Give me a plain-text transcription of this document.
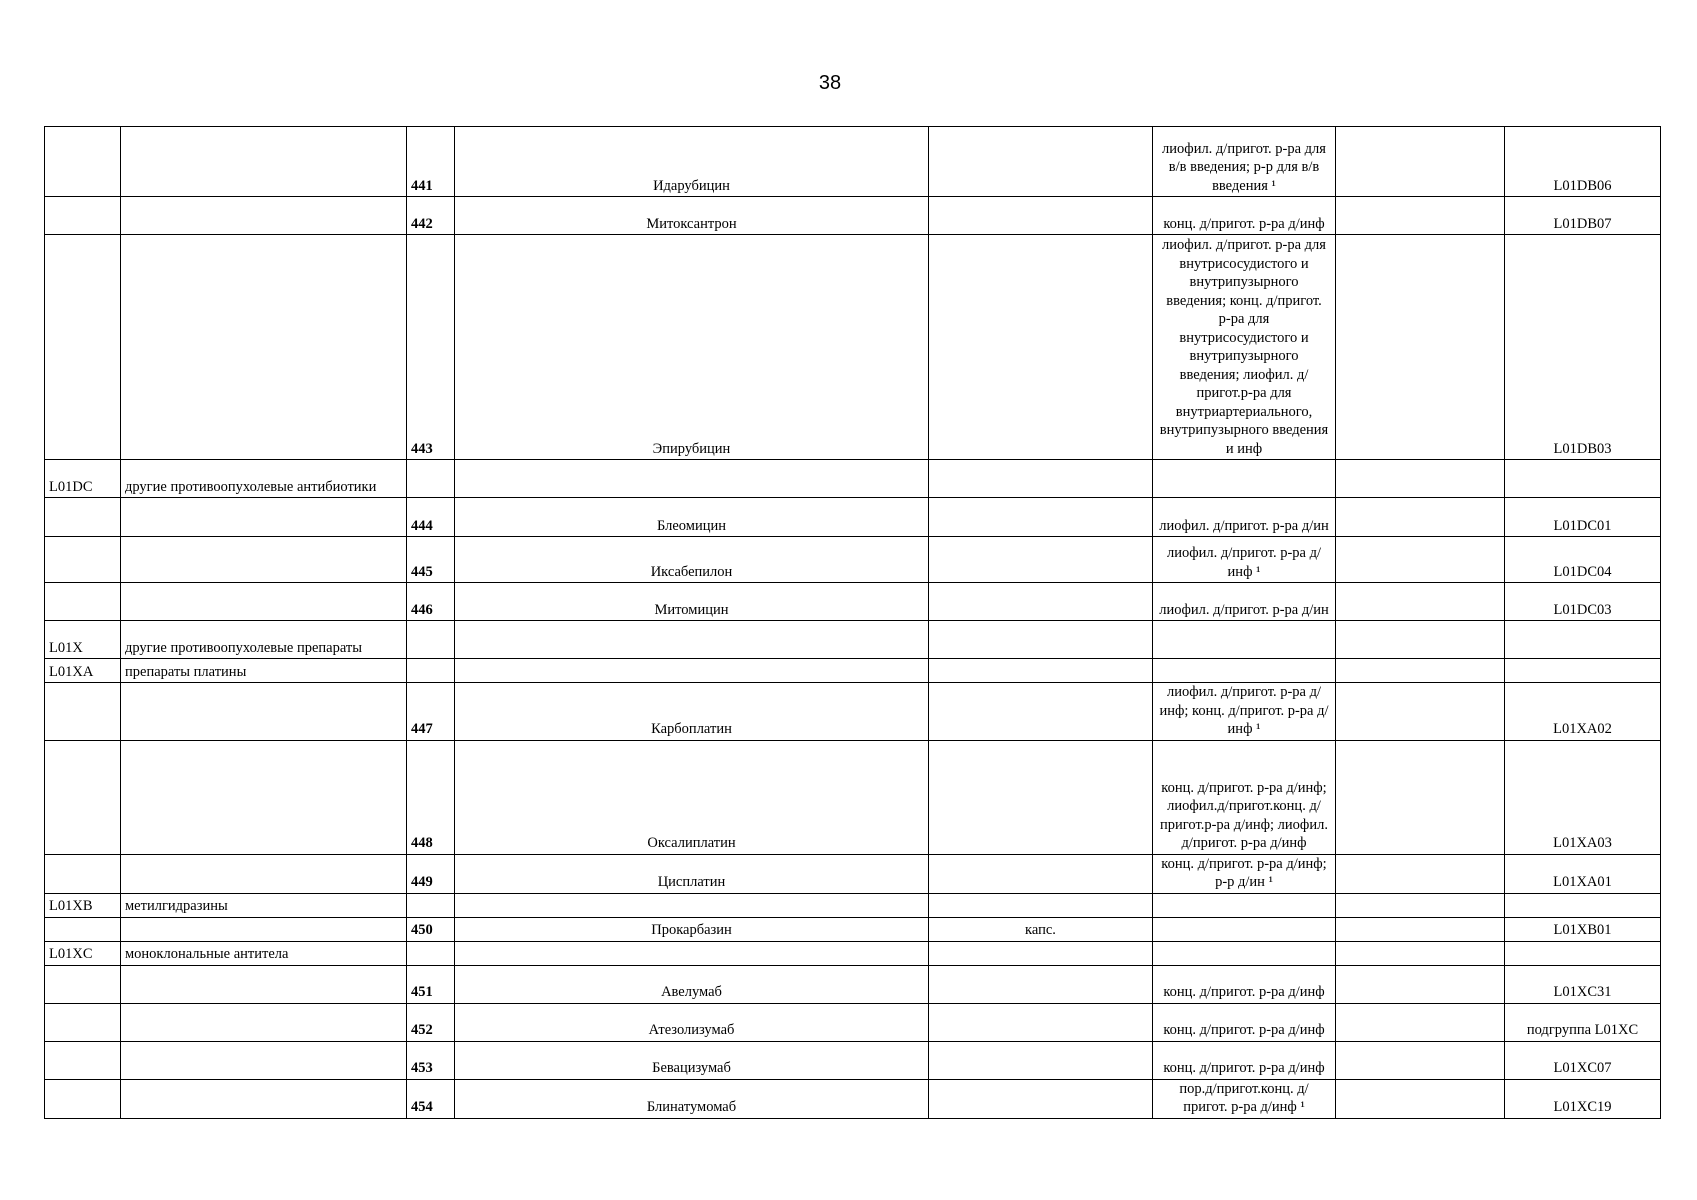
38
		441	Идарубицин		лиофил. д/пригот. р-ра для в/в введения; р-р для в/в введения ¹		L01DB06
		442	Митоксантрон		конц. д/пригот. р-ра д/инф		L01DB07
		443	Эпирубицин		лиофил. д/пригот. р-ра для внутрисосудистого и внутрипузырного введения; конц. д/пригот. р-ра для внутрисосудистого и внутрипузырного введения; лиофил. д/пригот.р-ра для внутриартериального, внутрипузырного введения и инф		L01DB03
L01DC	другие противоопухолевые антибиотики						
		444	Блеомицин		лиофил. д/пригот. р-ра д/ин		L01DC01
		445	Иксабепилон		лиофил. д/пригот. р-ра д/инф ¹		L01DC04
		446	Митомицин		лиофил. д/пригот. р-ра д/ин		L01DC03
L01X	другие противоопухолевые препараты						
L01XA	препараты платины						
		447	Карбоплатин		лиофил. д/пригот. р-ра д/инф; конц. д/пригот. р-ра д/инф ¹		L01XA02
		448	Оксалиплатин		конц. д/пригот. р-ра д/инф; лиофил.д/пригот.конц. д/пригот.р-ра д/инф; лиофил. д/пригот. р-ра д/инф		L01XA03
		449	Цисплатин		конц. д/пригот. р-ра д/инф; р-р д/ин ¹		L01XA01
L01XB	метилгидразины						
		450	Прокарбазин	капс.			L01XB01
L01XC	моноклональные антитела						
		451	Авелумаб		конц. д/пригот. р-ра д/инф		L01XC31
		452	Атезолизумаб		конц. д/пригот. р-ра д/инф		подгруппа L01XC
		453	Бевацизумаб		конц. д/пригот. р-ра д/инф		L01XC07
		454	Блинатумомаб		пор.д/пригот.конц. д/пригот. р-ра д/инф ¹		L01XC19
